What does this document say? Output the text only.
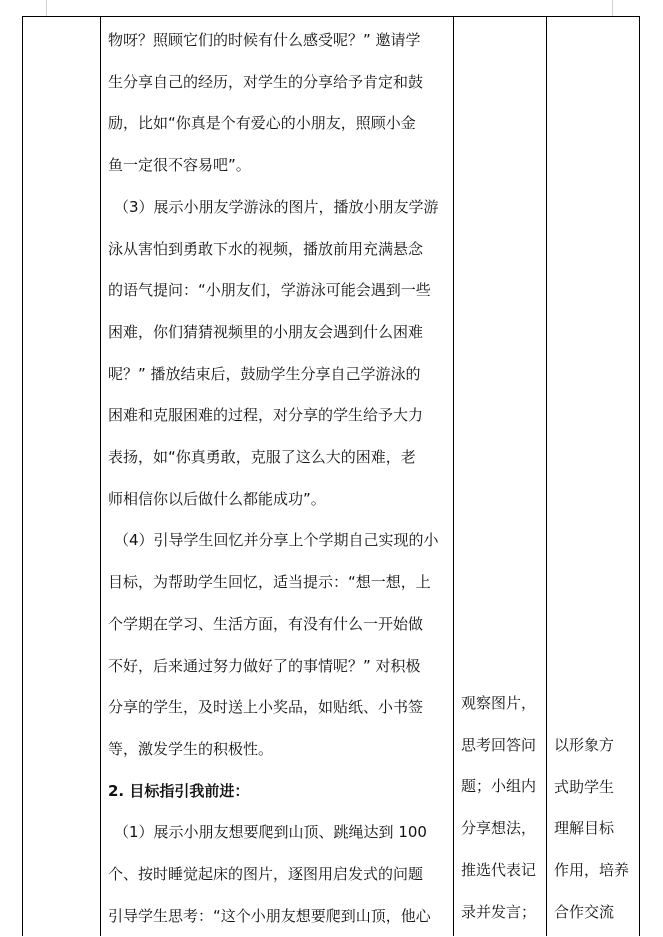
物呀？照顾它们的时候有什么感受呢？” 邀请学

生分享自己的经历，对学生的分享给予肯定和鼓

励，比如“你真是个有爱心的小朋友，照顾小金

鱼一定很不容易吧”。

（3）展示小朋友学游泳的图片，播放小朋友学游

泳从害怕到勇敢下水的视频，播放前用充满悬念

的语气提问：“小朋友们，学游泳可能会遇到一些

困难，你们猜猜视频里的小朋友会遇到什么困难

呢？” 播放结束后，鼓励学生分享自己学游泳的

困难和克服困难的过程，对分享的学生给予大力

表扬，如“你真勇敢，克服了这么大的困难，老

师相信你以后做什么都能成功”。

（4）引导学生回忆并分享上个学期自己实现的小

目标，为帮助学生回忆，适当提示：“想一想，上

个学期在学习、生活方面，有没有什么一开始做

不好，后来通过努力做好了的事情呢？” 对积极

分享的学生，及时送上小奖品，如贴纸、小书签

等，激发学生的积极性。

2. 目标指引我前进：

（1）展示小朋友想要爬到山顶、跳绳达到 100

个、按时睡觉起床的图片，逐图用启发式的问题

引导学生思考：“这个小朋友想要爬到山顶，他心

观察图片，

思考回答问

题；小组内

分享想法，

推选代表记

录并发言；

以形象方

式助学生

理解目标

作用，培养

合作交流
